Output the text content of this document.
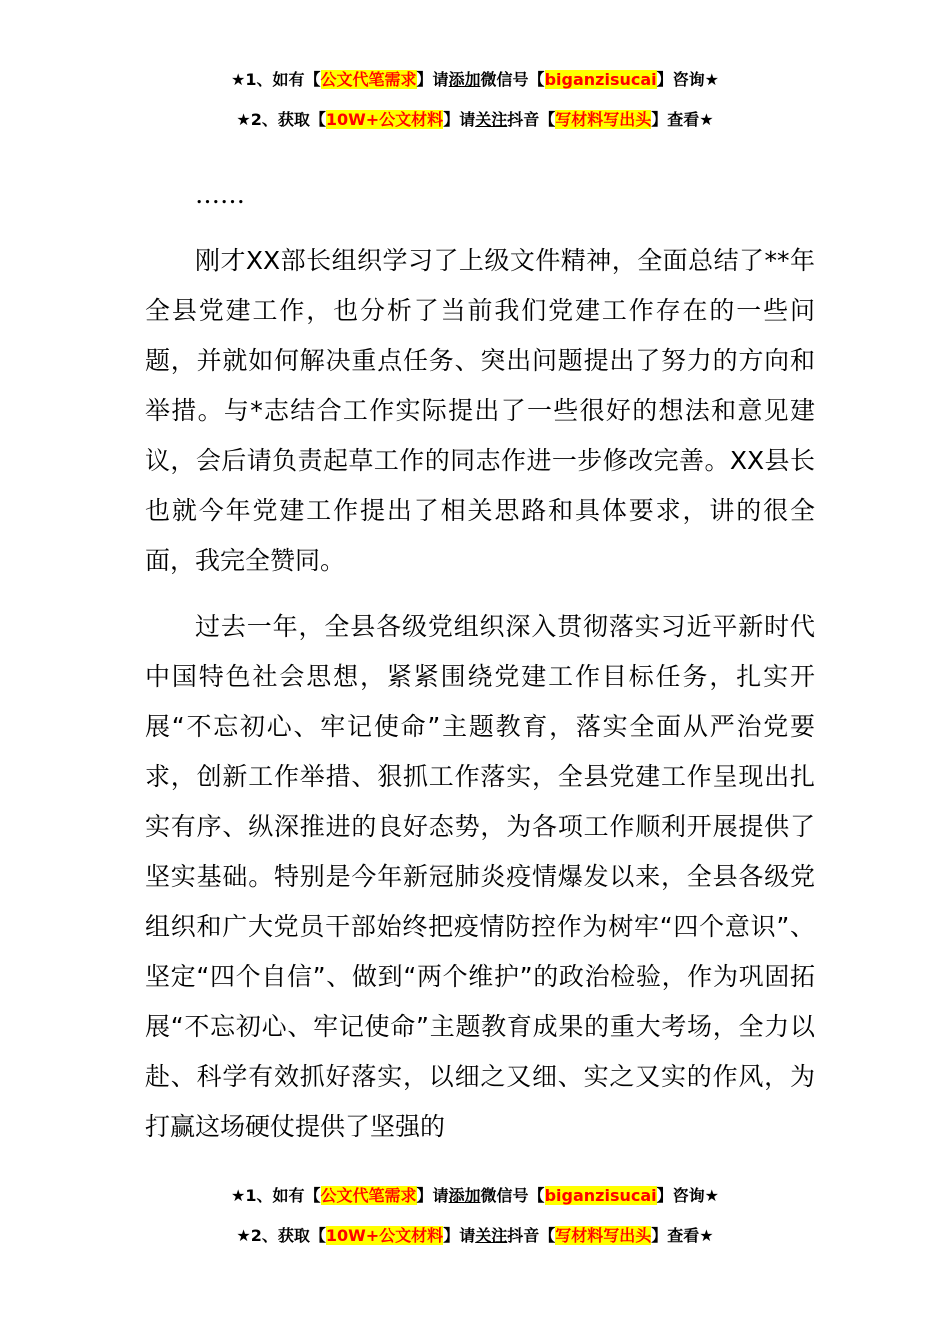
★1、如有【公文代笔需求】请添加微信号【biganzisucai】咨询★
★2、获取【10W+公文材料】请关注抖音【写材料写出头】查看★

……

刚才XX部长组织学习了上级文件精神，全面总结了**年全县党建工作，也分析了当前我们党建工作存在的一些问题，并就如何解决重点任务、突出问题提出了努力的方向和举措。与*志结合工作实际提出了一些很好的想法和意见建议，会后请负责起草工作的同志作进一步修改完善。XX县长也就今年党建工作提出了相关思路和具体要求，讲的很全面，我完全赞同。

过去一年，全县各级党组织深入贯彻落实习近平新时代中国特色社会思想，紧紧围绕党建工作目标任务，扎实开展“不忘初心、牢记使命”主题教育，落实全面从严治党要求，创新工作举措、狠抓工作落实，全县党建工作呈现出扎实有序、纵深推进的良好态势，为各项工作顺利开展提供了坚实基础。特别是今年新冠肺炎疫情爆发以来，全县各级党组织和广大党员干部始终把疫情防控作为树牢“四个意识”、坚定“四个自信”、做到“两个维护”的政治检验，作为巩固拓展“不忘初心、牢记使命”主题教育成果的重大考场，全力以赴、科学有效抓好落实，以细之又细、实之又实的作风，为打赢这场硬仗提供了坚强的

★1、如有【公文代笔需求】请添加微信号【biganzisucai】咨询★
★2、获取【10W+公文材料】请关注抖音【写材料写出头】查看★
